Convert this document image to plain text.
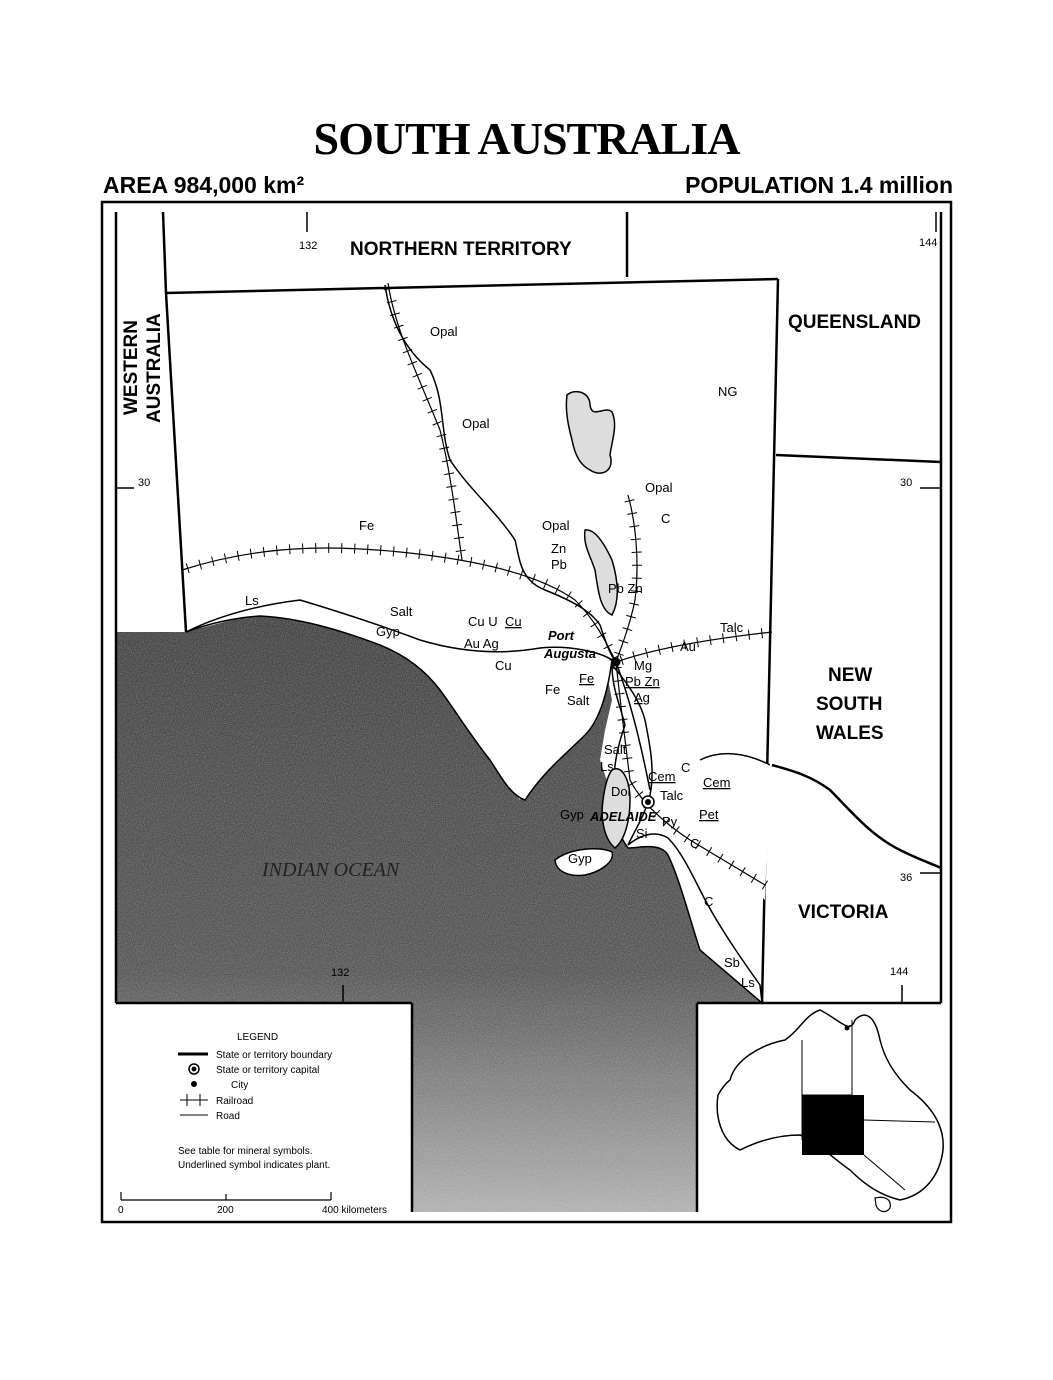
SOUTH AUSTRALIA
AREA 984,000 km²	POPULATION 1.4 million
NORTHERN TERRITORY
QUEENSLAND
WESTERN AUSTRALIA
NEW
SOUTH
WALES
VICTORIA
INDIAN OCEAN
132	144
30	30
36
132	144
Port
Augusta
ADELAIDE
Opal
Opal
NG
Opal
C
Fe	Opal
Zn
Pb
Pb Zn
Ls
Salt
Gyp
Cu U Cu
Au Ag
Cu
Talc
Au
Mg
Fe Pb Zn
Ag
Fe
Salt
Salt
Ls
Cem
C
Cem
Talc
Dol
Gyp	Py
Si
C
Pet
Gyp
C
Sb
Ls
LEGEND
State or territory boundary
State or territory capital
City
Railroad
Road
See table for mineral symbols.
Underlined symbol indicates plant.
0	200	400 kilometers
